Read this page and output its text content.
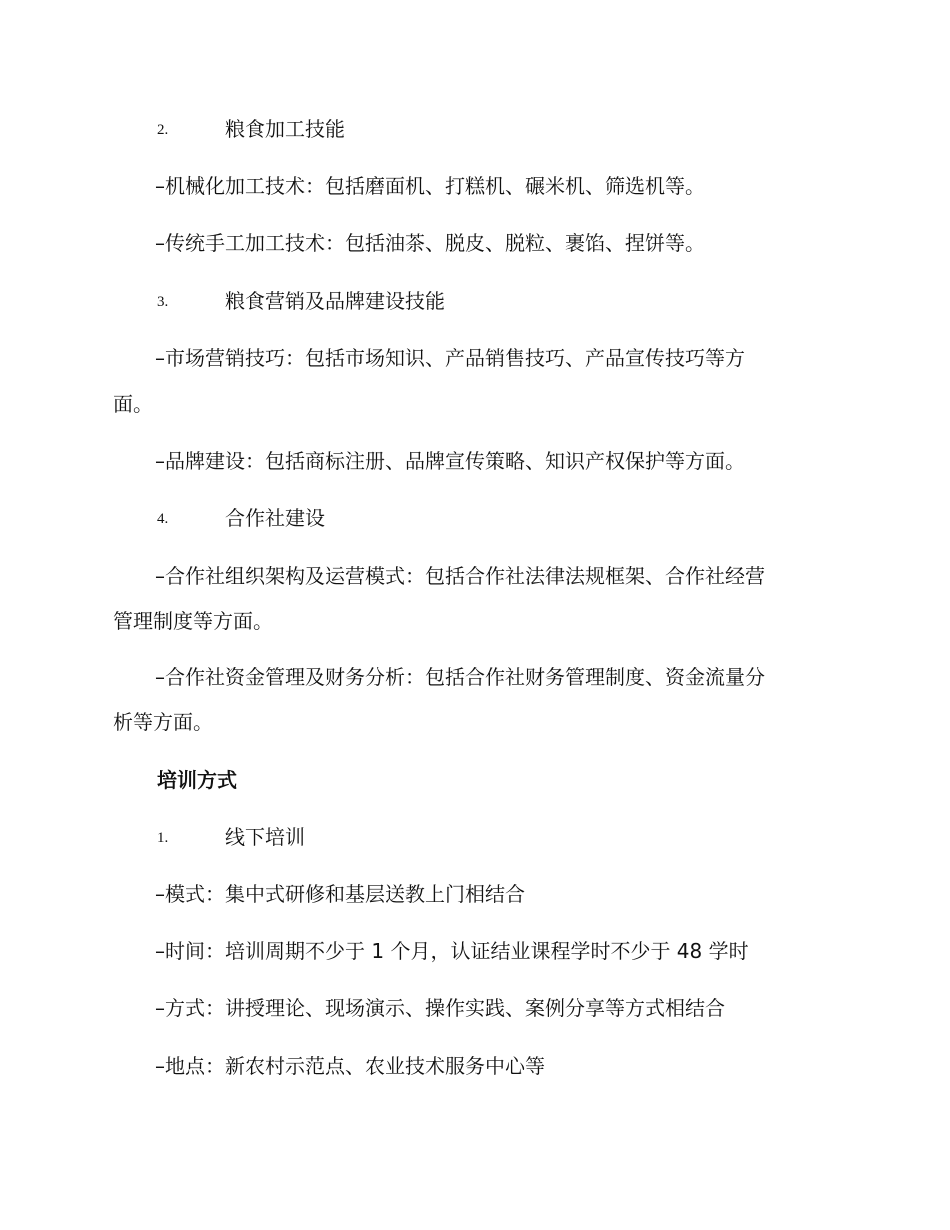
2.	粮食加工技能
–机械化加工技术：包括磨面机、打糕机、碾米机、筛选机等。
–传统手工加工技术：包括油茶、脱皮、脱粒、裹馅、捏饼等。
3.	粮食营销及品牌建设技能
–市场营销技巧：包括市场知识、产品销售技巧、产品宣传技巧等方
面。
–品牌建设：包括商标注册、品牌宣传策略、知识产权保护等方面。
4.	合作社建设
–合作社组织架构及运营模式：包括合作社法律法规框架、合作社经营
管理制度等方面。
–合作社资金管理及财务分析：包括合作社财务管理制度、资金流量分
析等方面。
培训方式
1.	线下培训
–模式：集中式研修和基层送教上门相结合
–时间：培训周期不少于 1 个月，认证结业课程学时不少于 48 学时
–方式：讲授理论、现场演示、操作实践、案例分享等方式相结合
–地点：新农村示范点、农业技术服务中心等
